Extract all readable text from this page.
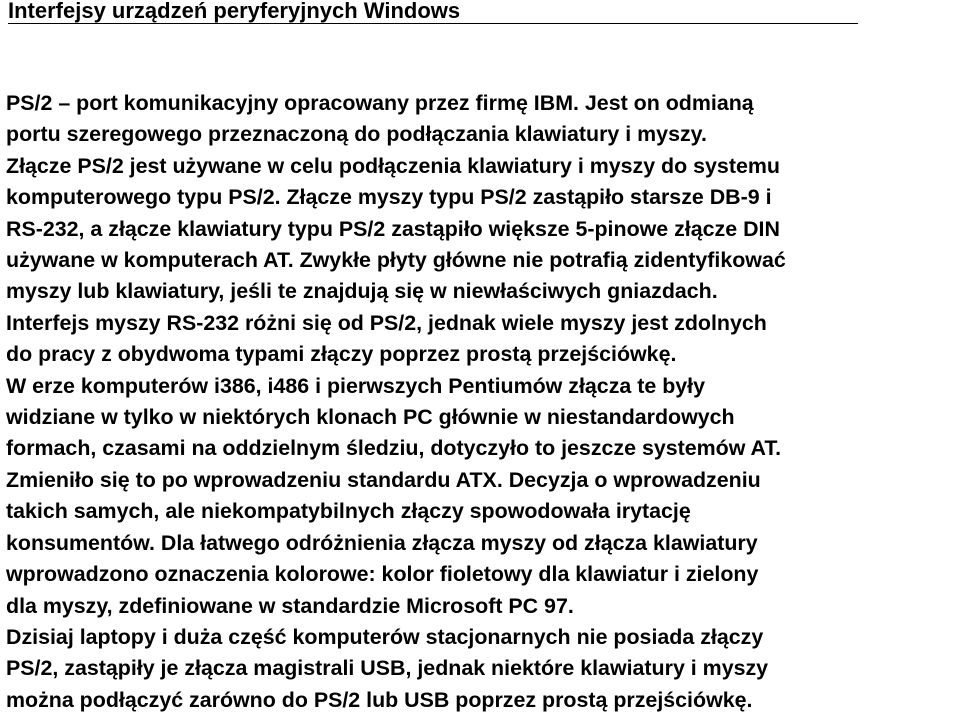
Interfejsy urządzeń peryferyjnych Windows
PS/2 – port komunikacyjny opracowany przez firmę IBM. Jest on odmianą
portu szeregowego przeznaczoną do podłączania klawiatury i myszy.
Złącze PS/2 jest używane w celu podłączenia klawiatury i myszy do systemu
komputerowego typu PS/2. Złącze myszy typu PS/2 zastąpiło starsze DB-9 i
RS-232, a złącze klawiatury typu PS/2 zastąpiło większe 5-pinowe złącze DIN
używane w komputerach AT. Zwykłe płyty główne nie potrafią zidentyfikować
myszy lub klawiatury, jeśli te znajdują się w niewłaściwych gniazdach.
Interfejs myszy RS-232 różni się od PS/2, jednak wiele myszy jest zdolnych
do pracy z obydwoma typami złączy poprzez prostą przejściówkę.
W erze komputerów i386, i486 i pierwszych Pentiumów złącza te były
widziane w tylko w niektórych klonach PC głównie w niestandardowych
formach, czasami na oddzielnym śledziu, dotyczyło to jeszcze systemów AT.
Zmieniło się to po wprowadzeniu standardu ATX. Decyzja o wprowadzeniu
takich samych, ale niekompatybilnych złączy spowodowała irytację
konsumentów. Dla łatwego odróżnienia złącza myszy od złącza klawiatury
wprowadzono oznaczenia kolorowe: kolor fioletowy dla klawiatur i zielony
dla myszy, zdefiniowane w standardzie Microsoft PC 97.
Dzisiaj laptopy i duża część komputerów stacjonarnych nie posiada złączy
PS/2, zastąpiły je złącza magistrali USB, jednak niektóre klawiatury i myszy
można podłączyć zarówno do PS/2 lub USB poprzez prostą przejściówkę.
